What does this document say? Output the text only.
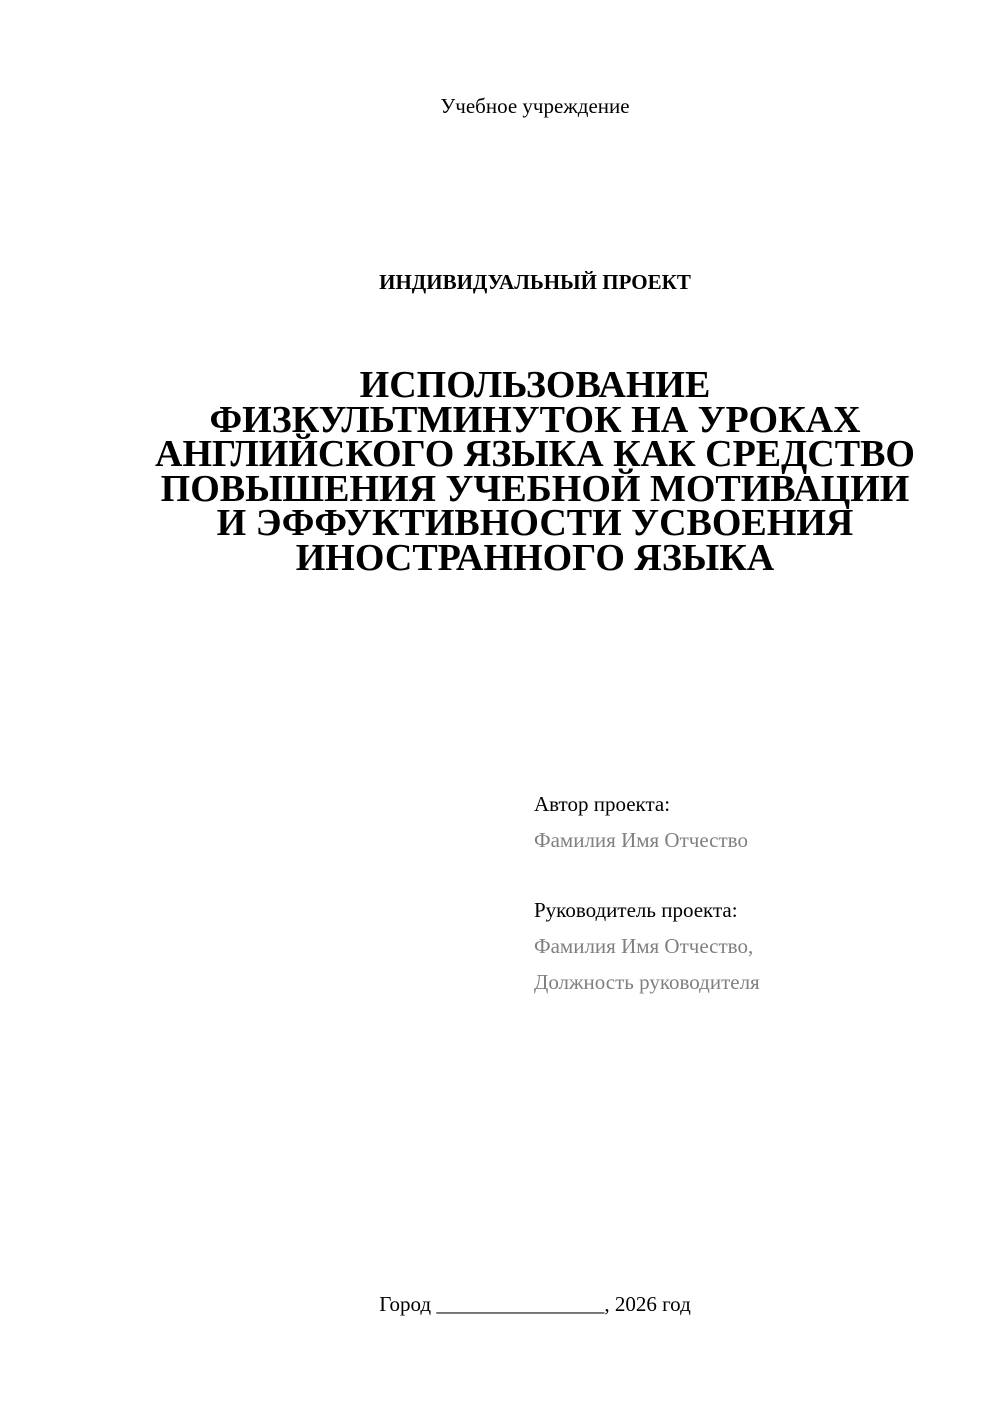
Учебное учреждение
ИНДИВИДУАЛЬНЫЙ ПРОЕКТ
ИСПОЛЬЗОВАНИЕ
ФИЗКУЛЬТМИНУТОК НА УРОКАХ
АНГЛИЙСКОГО ЯЗЫКА КАК СРЕДСТВО
ПОВЫШЕНИЯ УЧЕБНОЙ МОТИВАЦИИ
И ЭФФУКТИВНОСТИ УСВОЕНИЯ
ИНОСТРАННОГО ЯЗЫКА
Автор проекта:
Фамилия Имя Отчество
Руководитель проекта:
Фамилия Имя Отчество,
Должность руководителя
Город ________________, 2026 год
